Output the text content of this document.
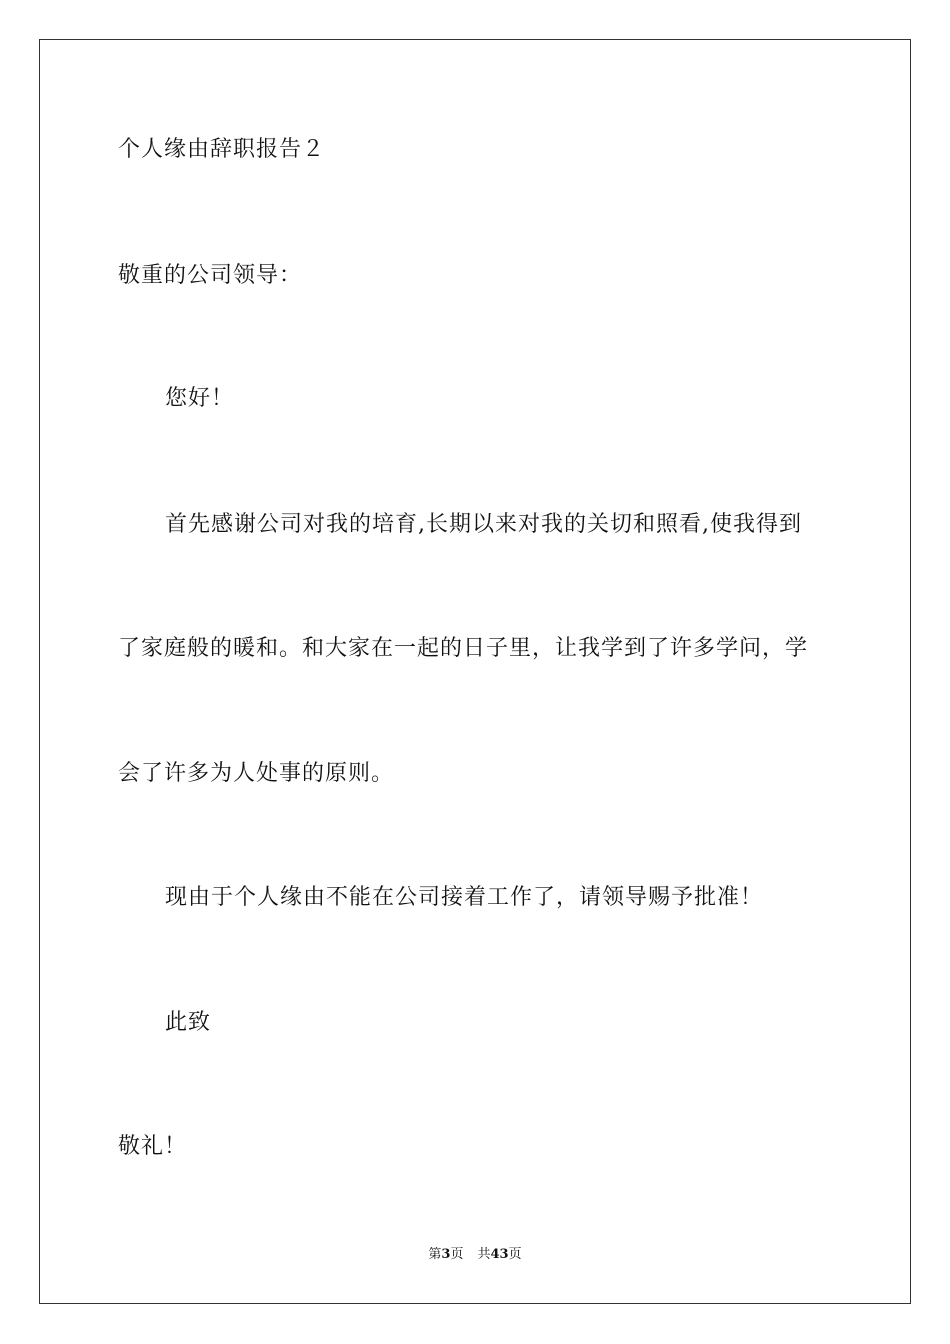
个人缘由辞职报告２
敬重的公司领导：
您好！
首先感谢公司对我的培育,长期以来对我的关切和照看,使我得到
了家庭般的暖和。和大家在一起的日子里，让我学到了许多学问，学
会了许多为人处事的原则。
现由于个人缘由不能在公司接着工作了，请领导赐予批准！
此致
敬礼！
第3页 共43页
